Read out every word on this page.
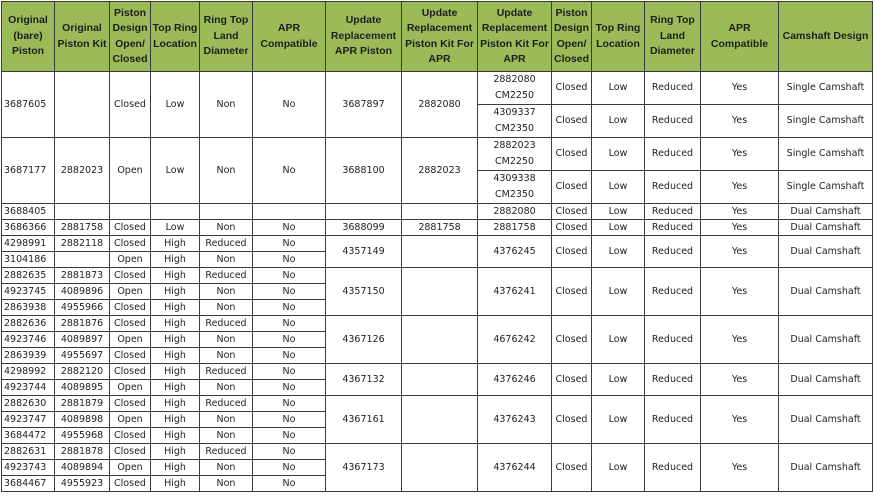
Original (bare) Piston	Original Piston Kit	Piston Design Open/ Closed	Top Ring Location	Ring Top Land Diameter	APR Compatible	Update Replacement APR Piston	Update Replacement Piston Kit For APR	Update Replacement Piston Kit For APR	Piston Design Open/ Closed	Top Ring Location	Ring Top Land Diameter	APR Compatible	Camshaft Design
3687605		Closed	Low	Non	No	3687897	2882080	2882080 CM2250	Closed	Low	Reduced	Yes	Single Camshaft
								4309337 CM2350	Closed	Low	Reduced	Yes	Single Camshaft
3687177	2882023	Open	Low	Non	No	3688100	2882023	2882023 CM2250	Closed	Low	Reduced	Yes	Single Camshaft
								4309338 CM2350	Closed	Low	Reduced	Yes	Single Camshaft
3688405								2882080	Closed	Low	Reduced	Yes	Dual Camshaft
3686366	2881758	Closed	Low	Non	No	3688099	2881758	2881758	Closed	Low	Reduced	Yes	Dual Camshaft
4298991	2882118	Closed	High	Reduced	No	4357149		4376245	Closed	Low	Reduced	Yes	Dual Camshaft
3104186		Open	High	Non	No								
2882635	2881873	Closed	High	Reduced	No	4357150		4376241	Closed	Low	Reduced	Yes	Dual Camshaft
4923745	4089896	Open	High	Non	No								
2863938	4955966	Closed	High	Non	No								
2882636	2881876	Closed	High	Reduced	No	4367126		4676242	Closed	Low	Reduced	Yes	Dual Camshaft
4923746	4089897	Open	High	Non	No								
2863939	4955697	Closed	High	Non	No								
4298992	2882120	Closed	High	Reduced	No	4367132		4376246	Closed	Low	Reduced	Yes	Dual Camshaft
4923744	4089895	Open	High	Non	No								
2882630	2881879	Closed	High	Reduced	No	4367161		4376243	Closed	Low	Reduced	Yes	Dual Camshaft
4923747	4089898	Open	High	Non	No								
3684472	4955968	Closed	High	Non	No								
2882631	2881878	Closed	High	Reduced	No	4367173		4376244	Closed	Low	Reduced	Yes	Dual Camshaft
4923743	4089894	Open	High	Non	No								
3684467	4955923	Closed	High	Non	No								
